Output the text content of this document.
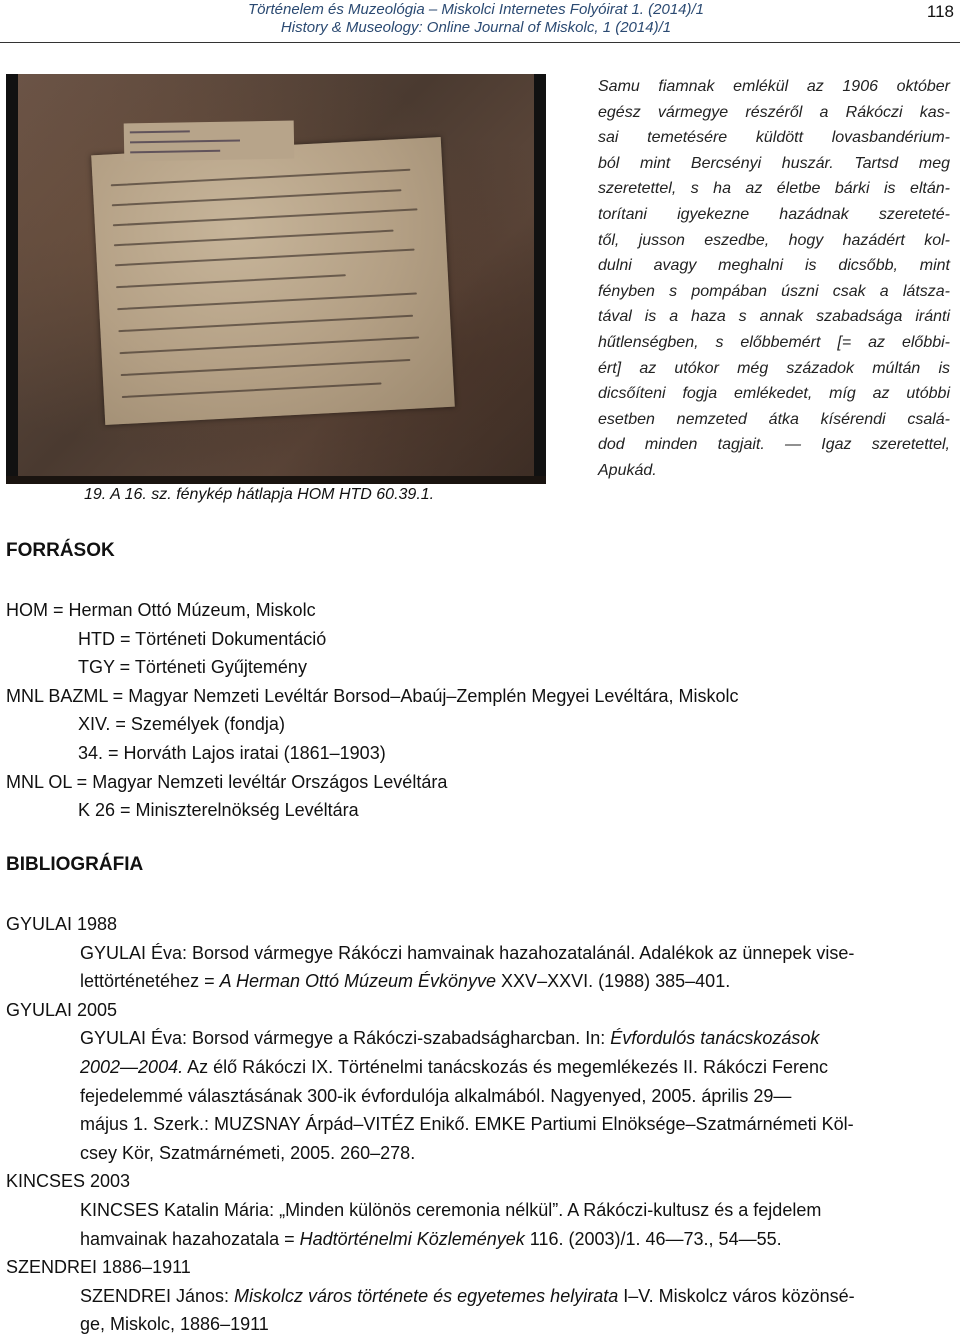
Történelem és Muzeológia – Miskolci Internetes Folyóirat 1. (2014)/1
History & Museology: Online Journal of Miskolc, 1 (2014)/1
118
19. A 16. sz. fénykép hátlapja HOM HTD 60.39.1.
Samu fiamnak emlékül az 1906 október
egész vármegye részéről a Rákóczi kas-
sai temetésére küldött lovasbandérium-
ból mint Bercsényi huszár. Tartsd meg
szeretettel, s ha az életbe bárki is eltán-
torítani igyekezne hazádnak szereteté-
től, jusson eszedbe, hogy hazádért kol-
dulni avagy meghalni is dicsőbb, mint
fényben s pompában úszni csak a látsza-
tával is a haza s annak szabadsága iránti
hűtlenségben, s előbbemért [= az előbbi-
ért] az utókor még századok múltán is
dicsőíteni fogja emlékedet, míg az utóbbi
esetben nemzeted átka kísérendi csalá-
dod minden tagjait. — Igaz szeretettel,
Apukád.
FORRÁSOK
HOM = Herman Ottó Múzeum, Miskolc
HTD = Történeti Dokumentáció
TGY = Történeti Gyűjtemény
MNL BAZML = Magyar Nemzeti Levéltár Borsod–Abaúj–Zemplén Megyei Levéltára, Miskolc
XIV. = Személyek (fondja)
34. = Horváth Lajos iratai (1861–1903)
MNL OL = Magyar Nemzeti levéltár Országos Levéltára
K 26 = Miniszterelnökség Levéltára
BIBLIOGRÁFIA
GYULAI 1988
GYULAI Éva: Borsod vármegye Rákóczi hamvainak hazahozatalánál. Adalékok az ünnepek vise-
lettörténetéhez = A Herman Ottó Múzeum Évkönyve XXV–XXVI. (1988) 385–401.
GYULAI 2005
GYULAI Éva: Borsod vármegye a Rákóczi-szabadságharcban. In: Évfordulós tanácskozások
2002—2004. Az élő Rákóczi IX. Történelmi tanácskozás és megemlékezés II. Rákóczi Ferenc
fejedelemmé választásának 300-ik évfordulója alkalmából. Nagyenyed, 2005. április 29—
május 1. Szerk.: MUZSNAY Árpád–VITÉZ Enikő. EMKE Partiumi Elnöksége–Szatmárnémeti Köl-
csey Kör, Szatmárnémeti, 2005. 260–278.
KINCSES 2003
KINCSES Katalin Mária: „Minden különös ceremonia nélkül”. A Rákóczi-kultusz és a fejdelem
hamvainak hazahozatala = Hadtörténelmi Közlemények 116. (2003)/1. 46—73., 54—55.
SZENDREI 1886–1911
SZENDREI János: Miskolcz város története és egyetemes helyirata I–V. Miskolcz város közönsé-
ge, Miskolc, 1886–1911
